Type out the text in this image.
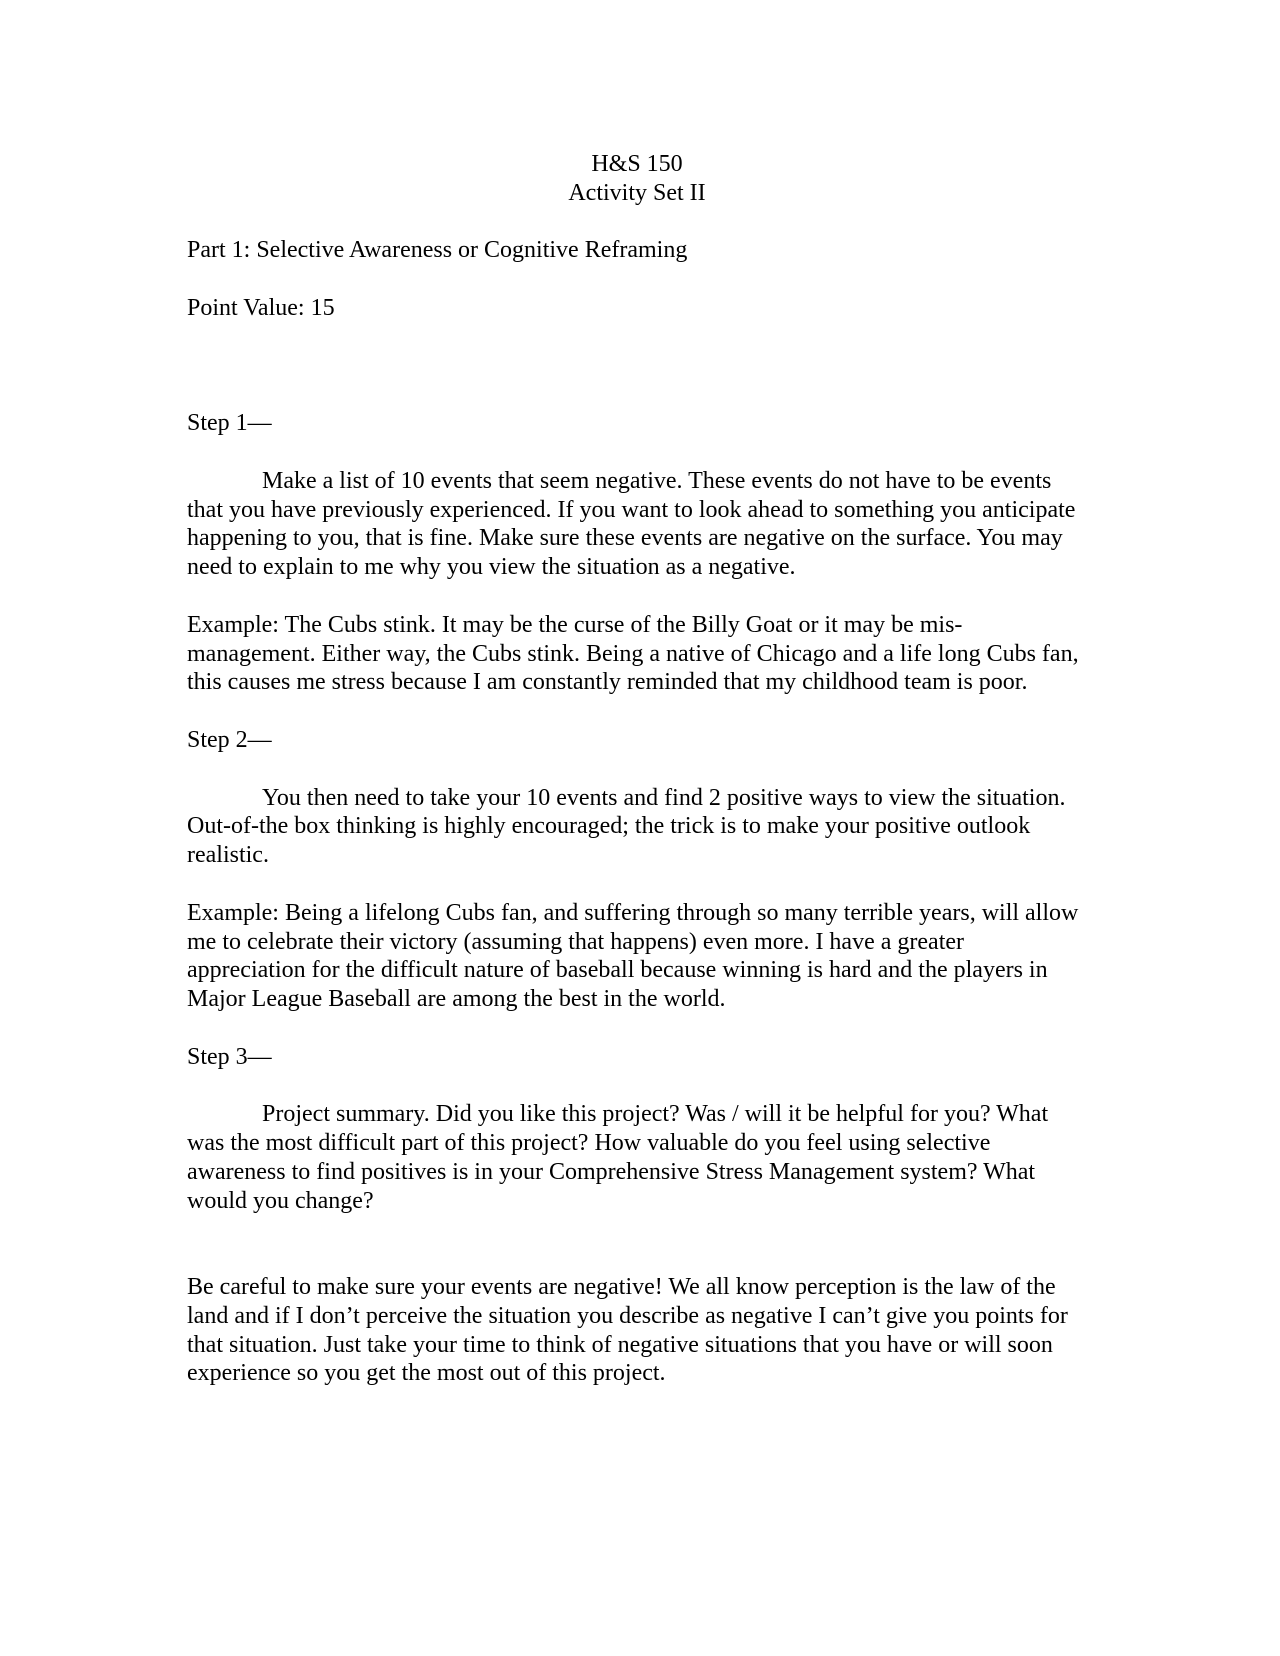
H&S 150

Activity Set II

Part 1: Selective Awareness or Cognitive Reframing

Point Value: 15

Step 1—

Make a list of 10 events that seem negative. These events do not have to be events that you have previously experienced. If you want to look ahead to something you anticipate happening to you, that is fine. Make sure these events are negative on the surface. You may need to explain to me why you view the situation as a negative.

Example: The Cubs stink. It may be the curse of the Billy Goat or it may be mis-management. Either way, the Cubs stink. Being a native of Chicago and a life long Cubs fan, this causes me stress because I am constantly reminded that my childhood team is poor.

Step 2—

You then need to take your 10 events and find 2 positive ways to view the situation. Out-of-the box thinking is highly encouraged; the trick is to make your positive outlook realistic.

Example: Being a lifelong Cubs fan, and suffering through so many terrible years, will allow me to celebrate their victory (assuming that happens) even more. I have a greater appreciation for the difficult nature of baseball because winning is hard and the players in Major League Baseball are among the best in the world.

Step 3—

Project summary. Did you like this project? Was / will it be helpful for you? What was the most difficult part of this project? How valuable do you feel using selective awareness to find positives is in your Comprehensive Stress Management system? What would you change?

Be careful to make sure your events are negative! We all know perception is the law of the land and if I don’t perceive the situation you describe as negative I can’t give you points for that situation. Just take your time to think of negative situations that you have or will soon experience so you get the most out of this project.
